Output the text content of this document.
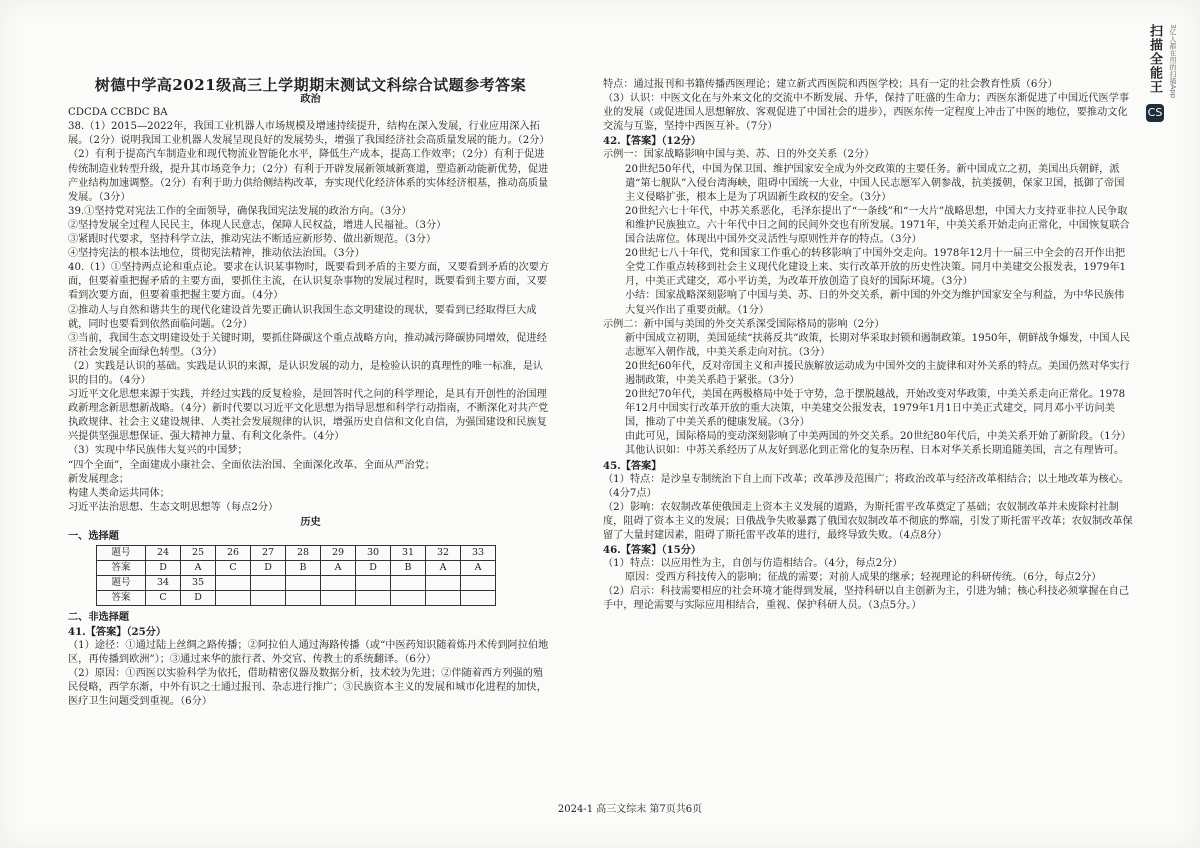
树德中学高2021级高三上学期期末测试文科综合试题参考答案

政治

CDCDA CCBDC BA

38.（1）2015—2022年，我国工业机器人市场规模及增速持续提升，结构在深入发展，行业应用深入拓展。（2分）说明我国工业机器人发展呈现良好的发展势头，增强了我国经济社会高质量发展的能力。（2分）

（2）有利于提高汽车制造业和现代物流业智能化水平，降低生产成本，提高工作效率；（2分）有利于促进传统制造业转型升级，提升其市场竞争力；（2分）有利于开辟发展新领域新赛道，塑造新动能新优势，促进产业结构加速调整。（2分）有利于助力供给侧结构改革，夯实现代化经济体系的实体经济根基，推动高质量发展。（3分）

39.①坚持党对宪法工作的全面领导，确保我国宪法发展的政治方向。（3分）

②坚持发展全过程人民民主，体现人民意志，保障人民权益，增进人民福祉。（3分）

③紧跟时代要求，坚持科学立法，推动宪法不断适应新形势、做出新规范。（3分）

④坚持宪法的根本法地位，贯彻宪法精神，推动依法治国。（3分）

40.（1）①坚持两点论和重点论。要求在认识某事物时，既要看到矛盾的主要方面，又要看到矛盾的次要方面，但要着重把握矛盾的主要方面，要抓住主流，在认识复杂事物的发展过程时，既要看到主要方面，又要看到次要方面，但要着重把握主要方面。（4分）

②推动人与自然和谐共生的现代化建设首先要正确认识我国生态文明建设的现状，要看到已经取得巨大成就，同时也要看到依然面临问题。（2分）

③当前，我国生态文明建设处于关键时期，要抓住降碳这个重点战略方向，推动减污降碳协同增效，促进经济社会发展全面绿色转型。（3分）

（2）实践是认识的基础。实践是认识的来源，是认识发展的动力，是检验认识的真理性的唯一标准，是认识的目的。（4分）

习近平文化思想来源于实践，并经过实践的反复检验，是回答时代之问的科学理论，是具有开创性的治国理政新理念新思想新战略。（4分）新时代要以习近平文化思想为指导思想和科学行动指南，不断深化对共产党执政规律、社会主义建设规律、人类社会发展规律的认识，增强历史自信和文化自信，为强国建设和民族复兴提供坚强思想保证、强大精神力量、有利文化条件。（4分）

（3）实现中华民族伟大复兴的中国梦；

“四个全面”，全面建成小康社会、全面依法治国、全面深化改革、全面从严治党；

新发展理念；

构建人类命运共同体；

习近平法治思想、生态文明思想等（每点2分）

历史

一、选择题

题号	24	25	26	27	28	29	30	31	32	33
答案	D	A	C	D	B	A	D	B	A	A
题号	34	35								
答案	C	D								

二、非选择题

41.【答案】（25分）

（1）途径：①通过陆上丝绸之路传播；②阿拉伯人通过海路传播（或“中医药知识随着炼丹术传到阿拉伯地区，再传播到欧洲”）；③通过来华的旅行者、外交官、传教士的系统翻译。（6分）

（2）原因：①西医以实验科学为依托，借助精密仪器及数据分析，技术较为先进；②伴随着西方列强的殖民侵略，西学东渐，中外有识之士通过报刊、杂志进行推广；③民族资本主义的发展和城市化进程的加快，医疗卫生问题受到重视。（6分）

特点：通过报刊和书籍传播西医理论；建立新式西医院和西医学校；具有一定的社会教育性质（6分）

（3）认识：中医文化在与外来文化的交流中不断发展、升华，保持了旺盛的生命力；西医东渐促进了中国近代医学事业的发展（或促进国人思想解放、客观促进了中国社会的进步），西医东传一定程度上冲击了中医的地位，要推动文化交流与互鉴，坚持中西医互补。（7分）

42.【答案】（12分）

示例一：国家战略影响中国与美、苏、日的外交关系（2分）

20世纪50年代，中国为保卫国、维护国家安全成为外交政策的主要任务。新中国成立之初，美国出兵朝鲜，派遣“第七舰队”入侵台湾海峡，阻碍中国统一大业，中国人民志愿军入朝参战，抗美援朝，保家卫国，抵御了帝国主义侵略扩张，根本上是为了巩固新生政权的安全。（3分）

20世纪六七十年代，中苏关系恶化，毛泽东提出了“一条线”和“一大片”战略思想，中国大力支持亚非拉人民争取和维护民族独立。六十年代中日之间的民间外交也有所发展。1971年，中美关系开始走向正常化，中国恢复联合国合法席位。体现出中国外交灵活性与原则性并存的特点。（3分）

20世纪七八十年代，党和国家工作重心的转移影响了中国外交走向。1978年12月十一届三中全会的召开作出把全党工作重点转移到社会主义现代化建设上来、实行改革开放的历史性决策。同月中美建交公报发表，1979年1月，中美正式建交，邓小平访美，为改革开放创造了良好的国际环境。（3分）

小结：国家战略深刻影响了中国与美、苏、日的外交关系，新中国的外交为维护国家安全与利益，为中华民族伟大复兴作出了重要贡献。（1分）

示例二：新中国与美国的外交关系深受国际格局的影响（2分）

新中国成立初期，美国延续“扶蒋反共”政策，长期对华采取封锁和遏制政策。1950年，朝鲜战争爆发，中国人民志愿军入朝作战，中美关系走向对抗。（3分）

20世纪60年代，反对帝国主义和声援民族解放运动成为中国外交的主旋律和对外关系的特点。美国仍然对华实行遏制政策，中美关系趋于紧张。（3分）

20世纪70年代，美国在两极格局中处于守势，急于摆脱越战，开始改变对华政策，中美关系走向正常化。1978年12月中国实行改革开放的重大决策，中美建交公报发表，1979年1月1日中美正式建交，同月邓小平访问美国，推动了中美关系的健康发展。（3分）

由此可见，国际格局的变动深刻影响了中美两国的外交关系。20世纪80年代后，中美关系开始了新阶段。（1分）

其他认识如：中苏关系经历了从友好到恶化到正常化的复杂历程、日本对华关系长期追随美国，言之有理皆可。

45.【答案】

（1）特点：是沙皇专制统治下自上而下改革；改革涉及范围广；将政治改革与经济改革相结合；以土地改革为核心。（4分7点）

（2）影响：农奴制改革使俄国走上资本主义发展的道路，为斯托雷平改革奠定了基础；农奴制改革并未废除村社制度，阻碍了资本主义的发展；日俄战争失败暴露了俄国农奴制改革不彻底的弊端，引发了斯托雷平改革；农奴制改革保留了大量封建因素，阻碍了斯托雷平改革的进行，最终导致失败。（4点8分）

46.【答案】（15分）

（1）特点：以应用性为主，自创与仿造相结合。（4分，每点2分）

原因：受西方科技传入的影响；征战的需要；对前人成果的继承；轻视理论的科研传统。（6分，每点2分）

（2）启示：科技需要相应的社会环境才能得到发展，坚持科研以自主创新为主，引进为辅；核心科技必须掌握在自己手中，理论需要与实际应用相结合，重视、保护科研人员。（3点5分。）

2024-1 高三文综末 第7页共6页
扫描全能王 3亿人都在用的扫描App
CS
